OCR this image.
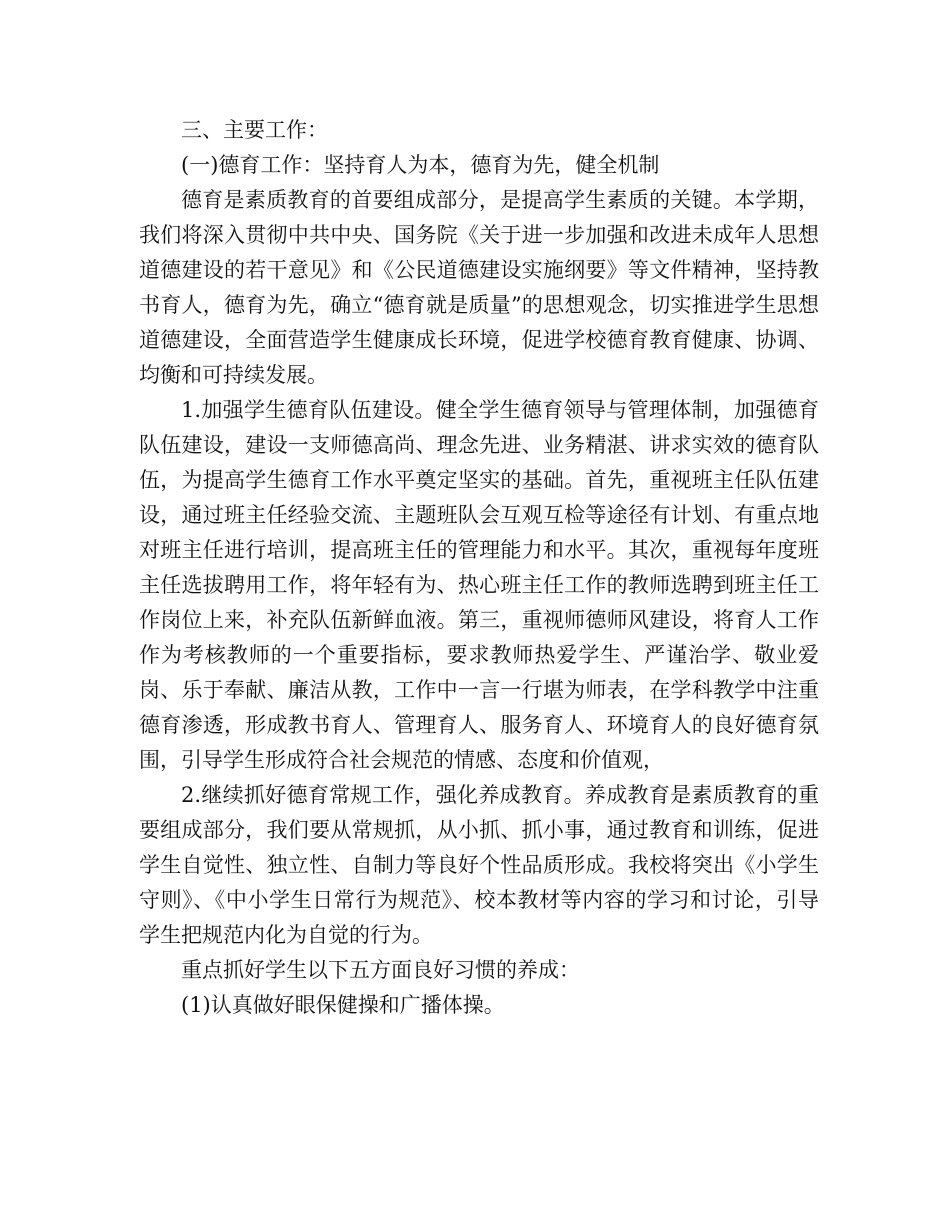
三、主要工作：

(一)德育工作：坚持育人为本，德育为先，健全机制

德育是素质教育的首要组成部分，是提高学生素质的关键。本学期，我们将深入贯彻中共中央、国务院《关于进一步加强和改进未成年人思想道德建设的若干意见》和《公民道德建设实施纲要》等文件精神，坚持教书育人，德育为先，确立“德育就是质量”的思想观念，切实推进学生思想道德建设，全面营造学生健康成长环境，促进学校德育教育健康、协调、均衡和可持续发展。

1.加强学生德育队伍建设。健全学生德育领导与管理体制，加强德育队伍建设，建设一支师德高尚、理念先进、业务精湛、讲求实效的德育队伍，为提高学生德育工作水平奠定坚实的基础。首先，重视班主任队伍建设，通过班主任经验交流、主题班队会互观互检等途径有计划、有重点地对班主任进行培训，提高班主任的管理能力和水平。其次，重视每年度班主任选拔聘用工作，将年轻有为、热心班主任工作的教师选聘到班主任工作岗位上来，补充队伍新鲜血液。第三，重视师德师风建设，将育人工作作为考核教师的一个重要指标，要求教师热爱学生、严谨治学、敬业爱岗、乐于奉献、廉洁从教，工作中一言一行堪为师表，在学科教学中注重德育渗透，形成教书育人、管理育人、服务育人、环境育人的良好德育氛围，引导学生形成符合社会规范的情感、态度和价值观，

2.继续抓好德育常规工作，强化养成教育。养成教育是素质教育的重要组成部分，我们要从常规抓，从小抓、抓小事，通过教育和训练，促进学生自觉性、独立性、自制力等良好个性品质形成。我校将突出《小学生守则》、《中小学生日常行为规范》、校本教材等内容的学习和讨论，引导学生把规范内化为自觉的行为。

重点抓好学生以下五方面良好习惯的养成：

(1)认真做好眼保健操和广播体操。
